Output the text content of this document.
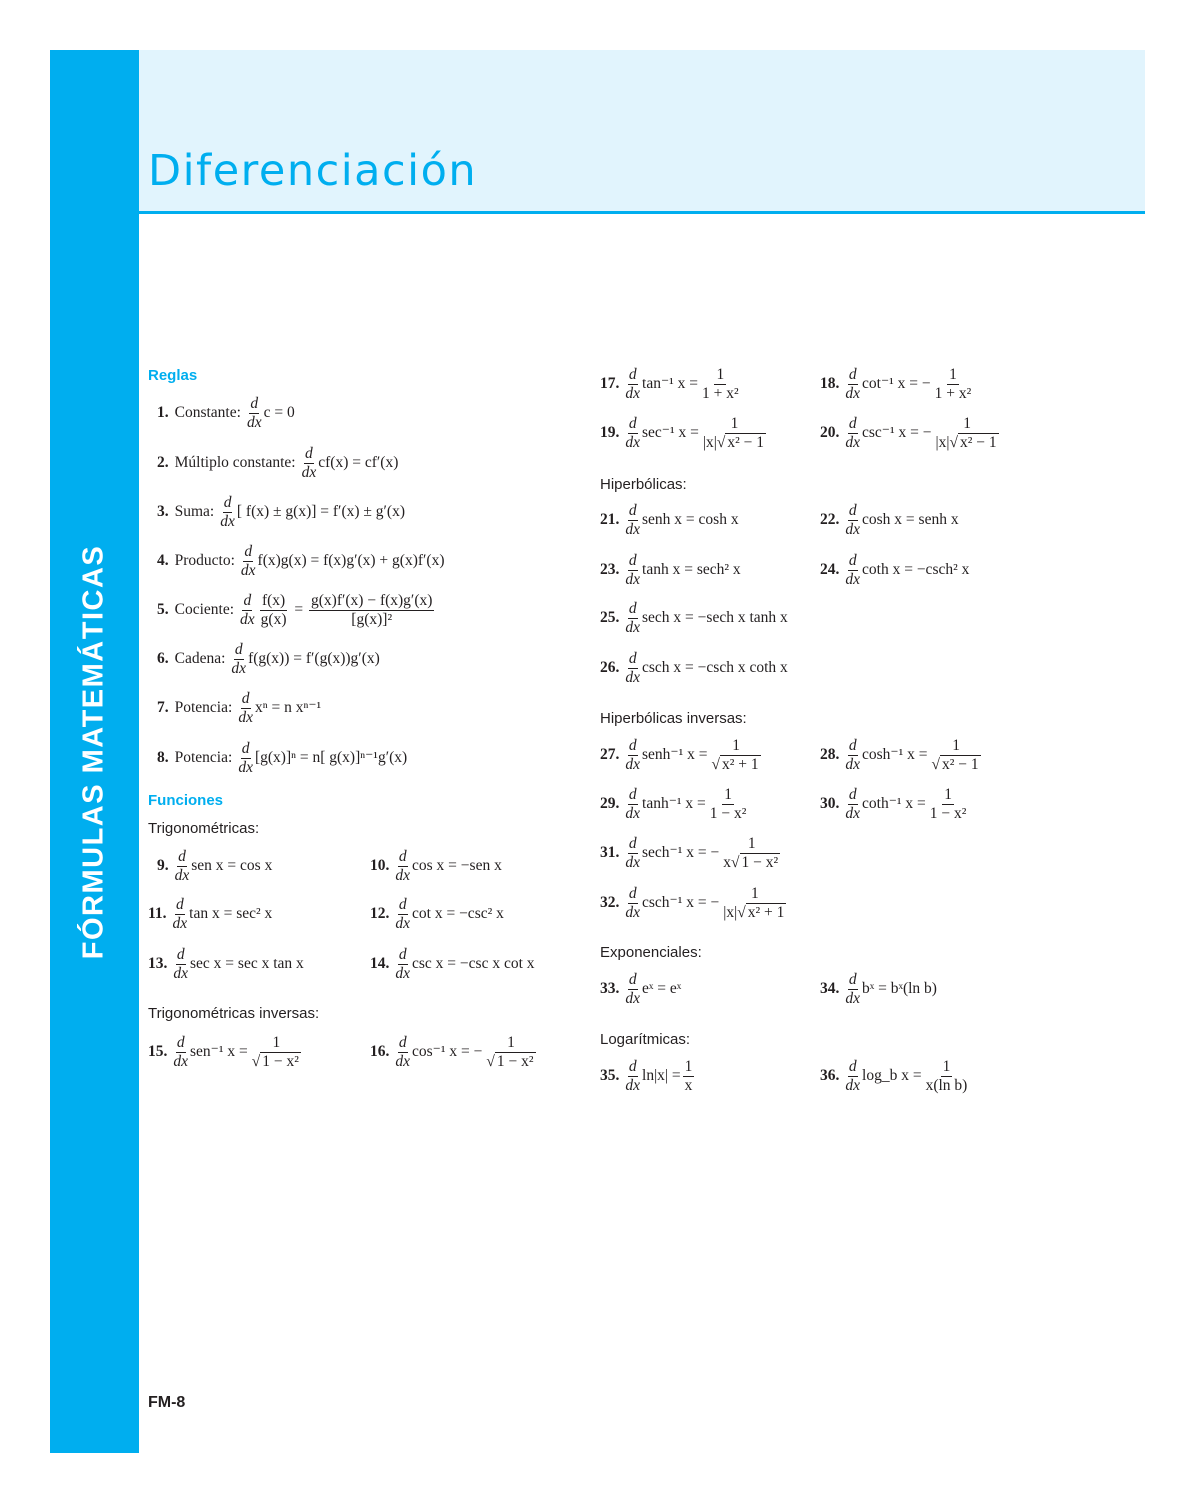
FÓRMULAS MATEMÁTICAS
Diferenciación
Reglas
1. Constante:
d
dx
c = 0
2. Múltiplo constante:
d
dx
cf(x) = cf′(x)
3. Suma:
d
dx
[ f(x) ± g(x)] = f′(x) ± g′(x)
4. Producto:
d
dx
f(x)g(x) = f(x)g′(x) + g(x)f′(x)
5. Cociente:
d
dx $\frac{f(x)}{g(x)} = \frac{g(x)f'(x) - f(x)g'(x)}{\text{[g(x)]²}}$
6. Cadena:
d
dx
f(g(x)) = f′(g(x))g′(x)
7. Potencia:
d
dx
xⁿ = n xⁿ⁻¹
8. Potencia:
d
dx
[g(x)]ⁿ = n[ g(x)]ⁿ⁻¹g′(x)
Funciones
Trigonométricas:
9.
d
dx
sen x = cos x	10.
d
dx
cos x = −sen x
11.
d
dx
tan x = sec² x	12.
d
dx
cot x = −csc² x
13.
d
dx
sec x = sec x tan x	14.
d
dx
csc x = −csc x cot x
Trigonométricas inversas:
15.
d
dx
sen⁻¹ $x = \frac{1}{\text{√ 1 − x²}}$	16.
d
dx
cos⁻¹ x = − $\frac{1}{\text{√ 1 − x²}}$
17.
d
dx
tan⁻¹ $x = \frac{1}{\text{1 + x²}}$	18.
d
dx
cot⁻¹ x = − $\frac{1}{\text{1 + x²}}$
19.
d
dx
sec⁻¹ $x = \frac{1}{\text{|x|√ x² − 1}}$	20.
d
dx
csc⁻¹ x = − $\frac{1}{\text{|x|√ x² − 1}}$
Hiperbólicas:
21.
d
dx
senh x = cosh x	22.
d
dx
cosh x = senh x
23.
d
dx
tanh x = sech² x	24.
d
dx
coth x = −csch² x
25.
d
dx
sech x = −sech x tanh x
26.
d
dx
csch x = −csch x coth x
Hiperbólicas inversas:
27.
d
dx
senh⁻¹ $x = \frac{1}{\text{√ x² + 1}}$	28.
d
dx
cosh⁻¹ $x = \frac{1}{\text{√ x² − 1}}$
29.
d
dx
tanh⁻¹ $x = \frac{1}{\text{1 − x²}}$	30.
d
dx
coth⁻¹ $x = \frac{1}{\text{1 − x²}}$
31.
d
dx
sech⁻¹ x = − $\frac{1}{\text{x√ 1 − x²}}$
32.
d
dx
csch⁻¹ x = − $\frac{1}{\text{|x|√ x² + 1}}$
Exponenciales:
33.
d
dx
eˣ = eˣ	34.
d
dx
bˣ = bˣ(ln b)
Logarítmicas:
35.
d
dx
$\ln|x| = \frac{1}{x}$	36.
d
dx
log_b $x = \frac{1}{\text{x(ln b)}}$
FM-8
